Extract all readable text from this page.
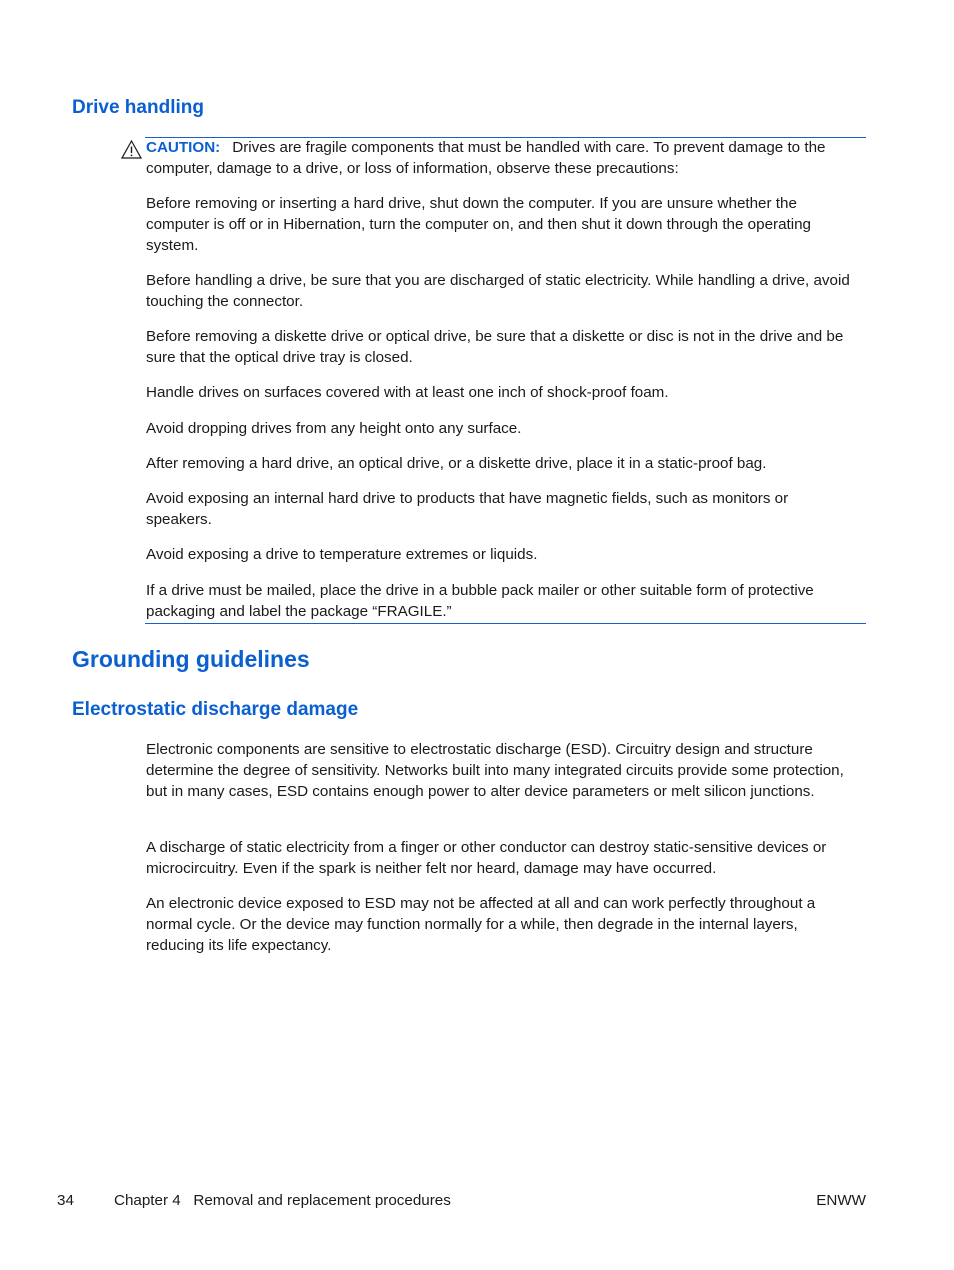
Drive handling

CAUTION: Drives are fragile components that must be handled with care. To prevent damage to the computer, damage to a drive, or loss of information, observe these precautions:

Before removing or inserting a hard drive, shut down the computer. If you are unsure whether the computer is off or in Hibernation, turn the computer on, and then shut it down through the operating system.

Before handling a drive, be sure that you are discharged of static electricity. While handling a drive, avoid touching the connector.

Before removing a diskette drive or optical drive, be sure that a diskette or disc is not in the drive and be sure that the optical drive tray is closed.

Handle drives on surfaces covered with at least one inch of shock-proof foam.

Avoid dropping drives from any height onto any surface.

After removing a hard drive, an optical drive, or a diskette drive, place it in a static-proof bag.

Avoid exposing an internal hard drive to products that have magnetic fields, such as monitors or speakers.

Avoid exposing a drive to temperature extremes or liquids.

If a drive must be mailed, place the drive in a bubble pack mailer or other suitable form of protective packaging and label the package “FRAGILE.”

Grounding guidelines
Electrostatic discharge damage

Electronic components are sensitive to electrostatic discharge (ESD). Circuitry design and structure determine the degree of sensitivity. Networks built into many integrated circuits provide some protection, but in many cases, ESD contains enough power to alter device parameters or melt silicon junctions.

A discharge of static electricity from a finger or other conductor can destroy static-sensitive devices or microcircuitry. Even if the spark is neither felt nor heard, damage may have occurred.

An electronic device exposed to ESD may not be affected at all and can work perfectly throughout a normal cycle. Or the device may function normally for a while, then degrade in the internal layers, reducing its life expectancy.

34	Chapter 4   Removal and replacement procedures	ENWW
